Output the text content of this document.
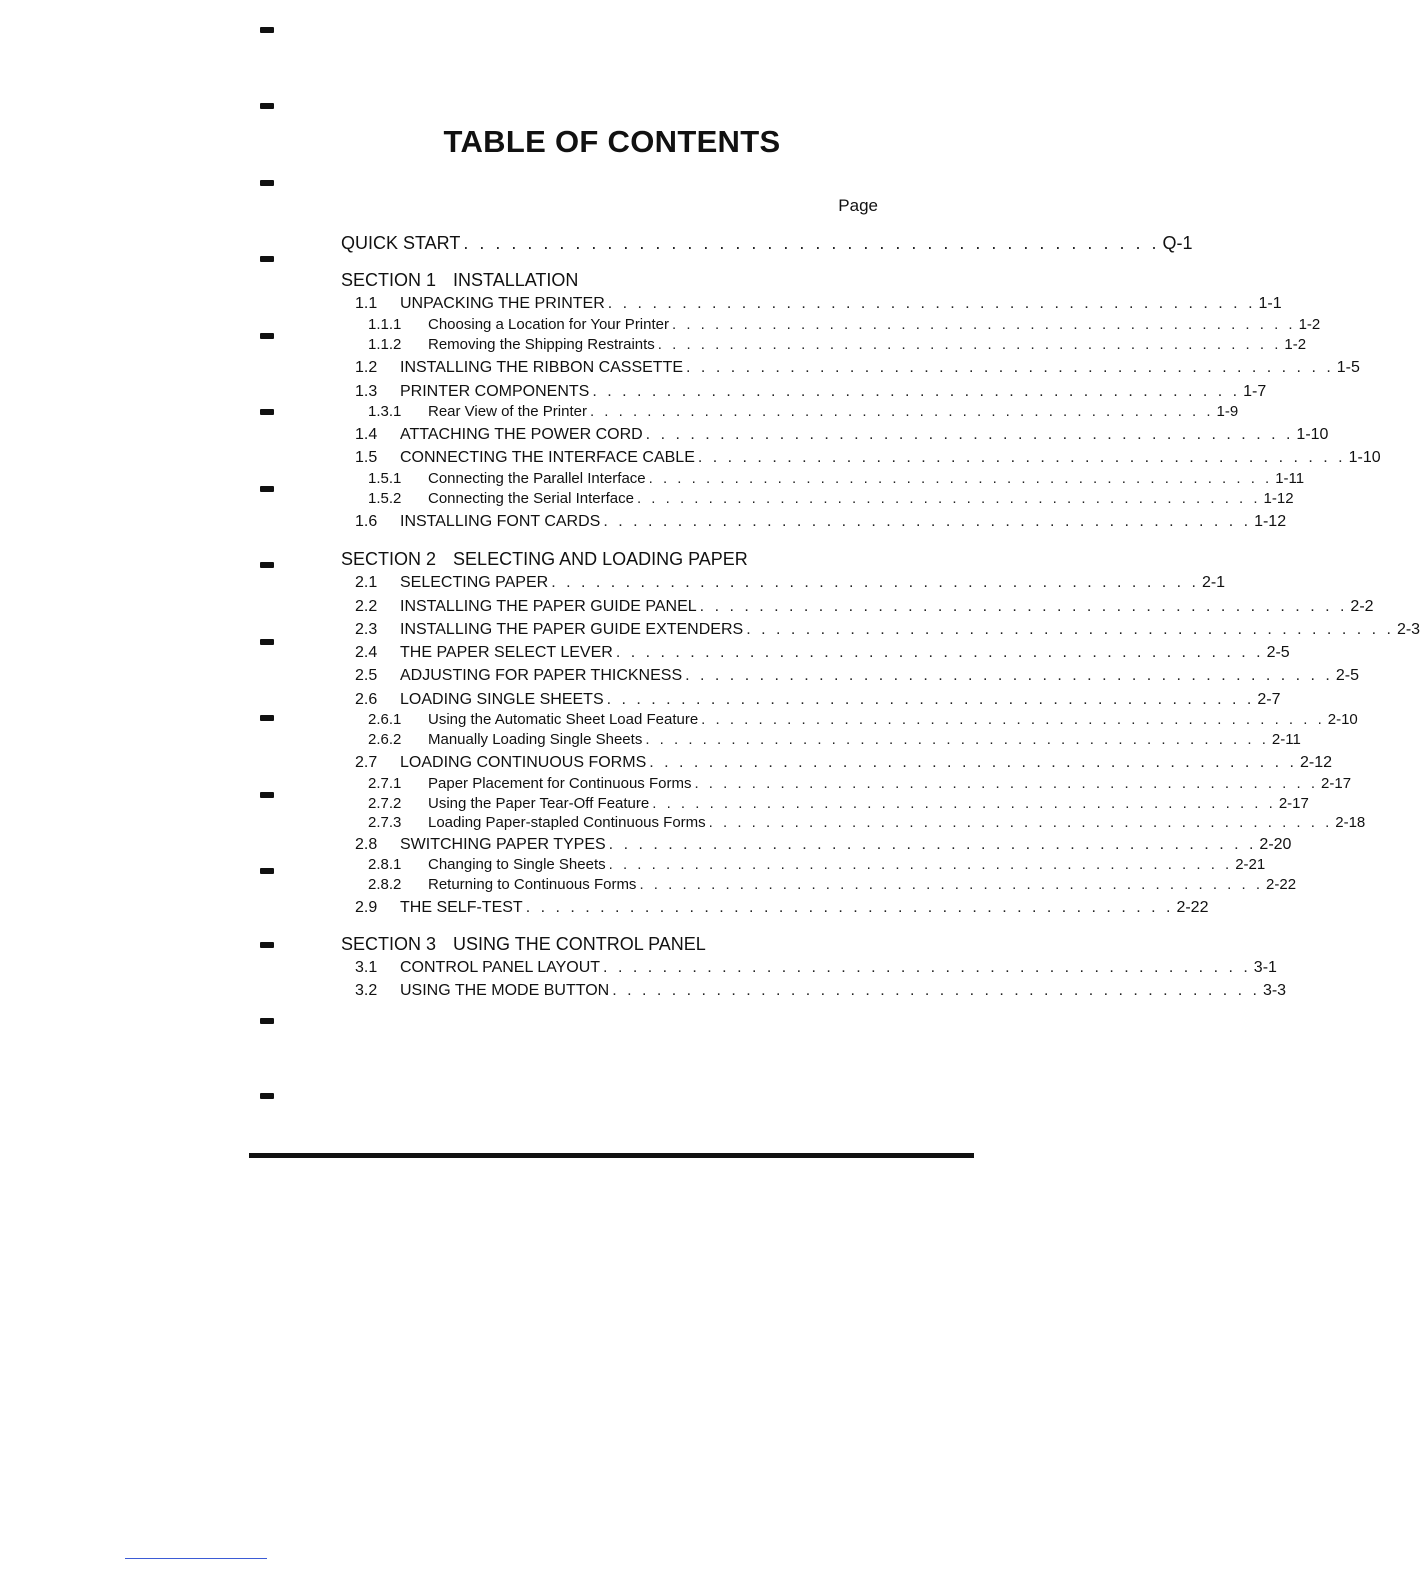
TABLE OF CONTENTS
Page
QUICK START . . . . . . . . . . . . . . . . . . . . . . . . . . . . . . . . . . . . . . . . . . . . Q-1
SECTION 1 INSTALLATION
1.1	UNPACKING THE PRINTER . . . . . . . . . . . . . . . . . . . . . . . . . . . . . . . . . . . . . . . . . . . . 1-1
1.1.1	Choosing a Location for Your Printer . . . . . . . . . . . . . . . . . . . . . . . . . . . . . . . . . . . . . . . . . . . . 1-2
1.1.2	Removing the Shipping Restraints . . . . . . . . . . . . . . . . . . . . . . . . . . . . . . . . . . . . . . . . . . . . 1-2
1.2	INSTALLING THE RIBBON CASSETTE . . . . . . . . . . . . . . . . . . . . . . . . . . . . . . . . . . . . . . . . . . . . 1-5
1.3	PRINTER COMPONENTS . . . . . . . . . . . . . . . . . . . . . . . . . . . . . . . . . . . . . . . . . . . . 1-7
1.3.1	Rear View of the Printer . . . . . . . . . . . . . . . . . . . . . . . . . . . . . . . . . . . . . . . . . . . . 1-9
1.4	ATTACHING THE POWER CORD . . . . . . . . . . . . . . . . . . . . . . . . . . . . . . . . . . . . . . . . . . . . 1-10
1.5	CONNECTING THE INTERFACE CABLE . . . . . . . . . . . . . . . . . . . . . . . . . . . . . . . . . . . . . . . . . . . . 1-10
1.5.1	Connecting the Parallel Interface . . . . . . . . . . . . . . . . . . . . . . . . . . . . . . . . . . . . . . . . . . . . 1-11
1.5.2	Connecting the Serial Interface . . . . . . . . . . . . . . . . . . . . . . . . . . . . . . . . . . . . . . . . . . . . 1-12
1.6	INSTALLING FONT CARDS . . . . . . . . . . . . . . . . . . . . . . . . . . . . . . . . . . . . . . . . . . . . 1-12
SECTION 2 SELECTING AND LOADING PAPER
2.1	SELECTING PAPER . . . . . . . . . . . . . . . . . . . . . . . . . . . . . . . . . . . . . . . . . . . . 2-1
2.2	INSTALLING THE PAPER GUIDE PANEL . . . . . . . . . . . . . . . . . . . . . . . . . . . . . . . . . . . . . . . . . . . . 2-2
2.3	INSTALLING THE PAPER GUIDE EXTENDERS . . . . . . . . . . . . . . . . . . . . . . . . . . . . . . . . . . . . . . . . . . . . 2-3
2.4	THE PAPER SELECT LEVER . . . . . . . . . . . . . . . . . . . . . . . . . . . . . . . . . . . . . . . . . . . . 2-5
2.5	ADJUSTING FOR PAPER THICKNESS . . . . . . . . . . . . . . . . . . . . . . . . . . . . . . . . . . . . . . . . . . . . 2-5
2.6	LOADING SINGLE SHEETS . . . . . . . . . . . . . . . . . . . . . . . . . . . . . . . . . . . . . . . . . . . . 2-7
2.6.1	Using the Automatic Sheet Load Feature . . . . . . . . . . . . . . . . . . . . . . . . . . . . . . . . . . . . . . . . . . . . 2-10
2.6.2	Manually Loading Single Sheets . . . . . . . . . . . . . . . . . . . . . . . . . . . . . . . . . . . . . . . . . . . . 2-11
2.7	LOADING CONTINUOUS FORMS . . . . . . . . . . . . . . . . . . . . . . . . . . . . . . . . . . . . . . . . . . . . 2-12
2.7.1	Paper Placement for Continuous Forms . . . . . . . . . . . . . . . . . . . . . . . . . . . . . . . . . . . . . . . . . . . . 2-17
2.7.2	Using the Paper Tear-Off Feature . . . . . . . . . . . . . . . . . . . . . . . . . . . . . . . . . . . . . . . . . . . . 2-17
2.7.3	Loading Paper-stapled Continuous Forms . . . . . . . . . . . . . . . . . . . . . . . . . . . . . . . . . . . . . . . . . . . . 2-18
2.8	SWITCHING PAPER TYPES . . . . . . . . . . . . . . . . . . . . . . . . . . . . . . . . . . . . . . . . . . . . 2-20
2.8.1	Changing to Single Sheets . . . . . . . . . . . . . . . . . . . . . . . . . . . . . . . . . . . . . . . . . . . . 2-21
2.8.2	Returning to Continuous Forms . . . . . . . . . . . . . . . . . . . . . . . . . . . . . . . . . . . . . . . . . . . . 2-22
2.9	THE SELF-TEST . . . . . . . . . . . . . . . . . . . . . . . . . . . . . . . . . . . . . . . . . . . . 2-22
SECTION 3 USING THE CONTROL PANEL
3.1	CONTROL PANEL LAYOUT . . . . . . . . . . . . . . . . . . . . . . . . . . . . . . . . . . . . . . . . . . . . 3-1
3.2	USING THE MODE BUTTON . . . . . . . . . . . . . . . . . . . . . . . . . . . . . . . . . . . . . . . . . . . . 3-3
